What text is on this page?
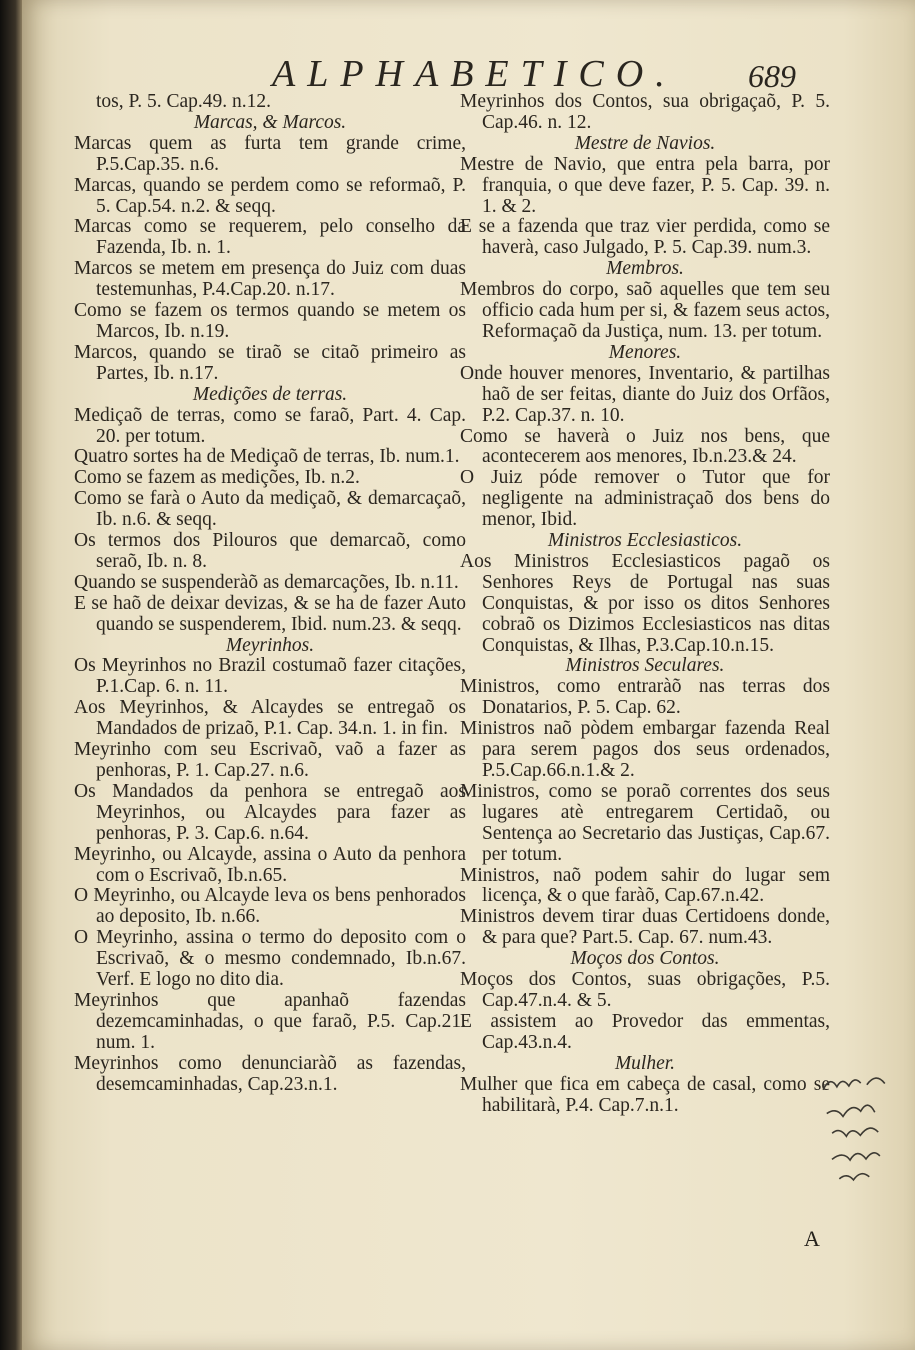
ALPHABETICO. 689

tos, P. 5. Cap.49. n.12.

Marcas, & Marcos.

Marcas quem as furta tem grande crime, P.5.Cap.35. n.6.

Marcas, quando se perdem como se reformaõ, P. 5. Cap.54. n.2. & seqq.

Marcas como se requerem, pelo conselho da Fazenda, Ib. n. 1.

Marcos se metem em presença do Juiz com duas testemunhas, P.4.Cap.20. n.17.

Como se fazem os termos quando se metem os Marcos, Ib. n.19.

Marcos, quando se tiraõ se citaõ primeiro as Partes, Ib. n.17.

Medições de terras.

Mediçaõ de terras, como se faraõ, Part. 4. Cap. 20. per totum.

Quatro sortes ha de Mediçaõ de terras, Ib. num.1.

Como se fazem as medições, Ib. n.2.

Como se farà o Auto da mediçaõ, & demarcaçaõ, Ib. n.6. & seqq.

Os termos dos Pilouros que demarcaõ, como seraõ, Ib. n. 8.

Quando se suspenderàõ as demarcações, Ib. n.11.

E se haõ de deixar devizas, & se ha de fazer Auto quando se suspenderem, Ibid. num.23. & seqq.

Meyrinhos.

Os Meyrinhos no Brazil costumaõ fazer citações, P.1.Cap. 6. n. 11.

Aos Meyrinhos, & Alcaydes se entregaõ os Mandados de prizaõ, P.1. Cap. 34.n. 1. in fin.

Meyrinho com seu Escrivaõ, vaõ a fazer as penhoras, P. 1. Cap.27. n.6.

Os Mandados da penhora se entregaõ aos Meyrinhos, ou Alcaydes para fazer as penhoras, P. 3. Cap.6. n.64.

Meyrinho, ou Alcayde, assina o Auto da penhora com o Escrivaõ, Ib.n.65.

O Meyrinho, ou Alcayde leva os bens penhorados ao deposito, Ib. n.66.

O Meyrinho, assina o termo do deposito com o Escrivaõ, & o mesmo condemnado, Ib.n.67. Verf. E logo no dito dia.

Meyrinhos que apanhaõ fazendas dezemcaminhadas, o que faraõ, P.5. Cap.21. num. 1.

Meyrinhos como denunciaràõ as fazendas, desemcaminhadas, Cap.23.n.1.

Meyrinhos dos Contos, sua obrigaçaõ, P. 5. Cap.46. n. 12.

Mestre de Navios.

Mestre de Navio, que entra pela barra, por franquia, o que deve fazer, P. 5. Cap. 39. n. 1. & 2.

E se a fazenda que traz vier perdida, como se haverà, caso Julgado, P. 5. Cap.39. num.3.

Membros.

Membros do corpo, saõ aquelles que tem seu officio cada hum per si, & fazem seus actos, Reformaçaõ da Justiça, num. 13. per totum.

Menores.

Onde houver menores, Inventario, & partilhas haõ de ser feitas, diante do Juiz dos Orfãos, P.2. Cap.37. n. 10.

Como se haverà o Juiz nos bens, que acontecerem aos menores, Ib.n.23.& 24.

O Juiz póde remover o Tutor que for negligente na administraçaõ dos bens do menor, Ibid.

Ministros Ecclesiasticos.

Aos Ministros Ecclesiasticos pagaõ os Senhores Reys de Portugal nas suas Conquistas, & por isso os ditos Senhores cobraõ os Dizimos Ecclesiasticos nas ditas Conquistas, & Ilhas, P.3.Cap.10.n.15.

Ministros Seculares.

Ministros, como entraràõ nas terras dos Donatarios, P. 5. Cap. 62.

Ministros naõ pòdem embargar fazenda Real para serem pagos dos seus ordenados, P.5.Cap.66.n.1.& 2.

Ministros, como se poraõ correntes dos seus lugares atè entregarem Certidaõ, ou Sentença ao Secretario das Justiças, Cap.67. per totum.

Ministros, naõ podem sahir do lugar sem licença, & o que faràõ, Cap.67.n.42.

Ministros devem tirar duas Certidoens donde, & para que? Part.5. Cap. 67. num.43.

Moços dos Contos.

Moços dos Contos, suas obrigações, P.5. Cap.47.n.4. & 5.

E assistem ao Provedor das emmentas, Cap.43.n.4.

Mulher.

Mulher que fica em cabeça de casal, como se habilitarà, P.4. Cap.7.n.1.

A
